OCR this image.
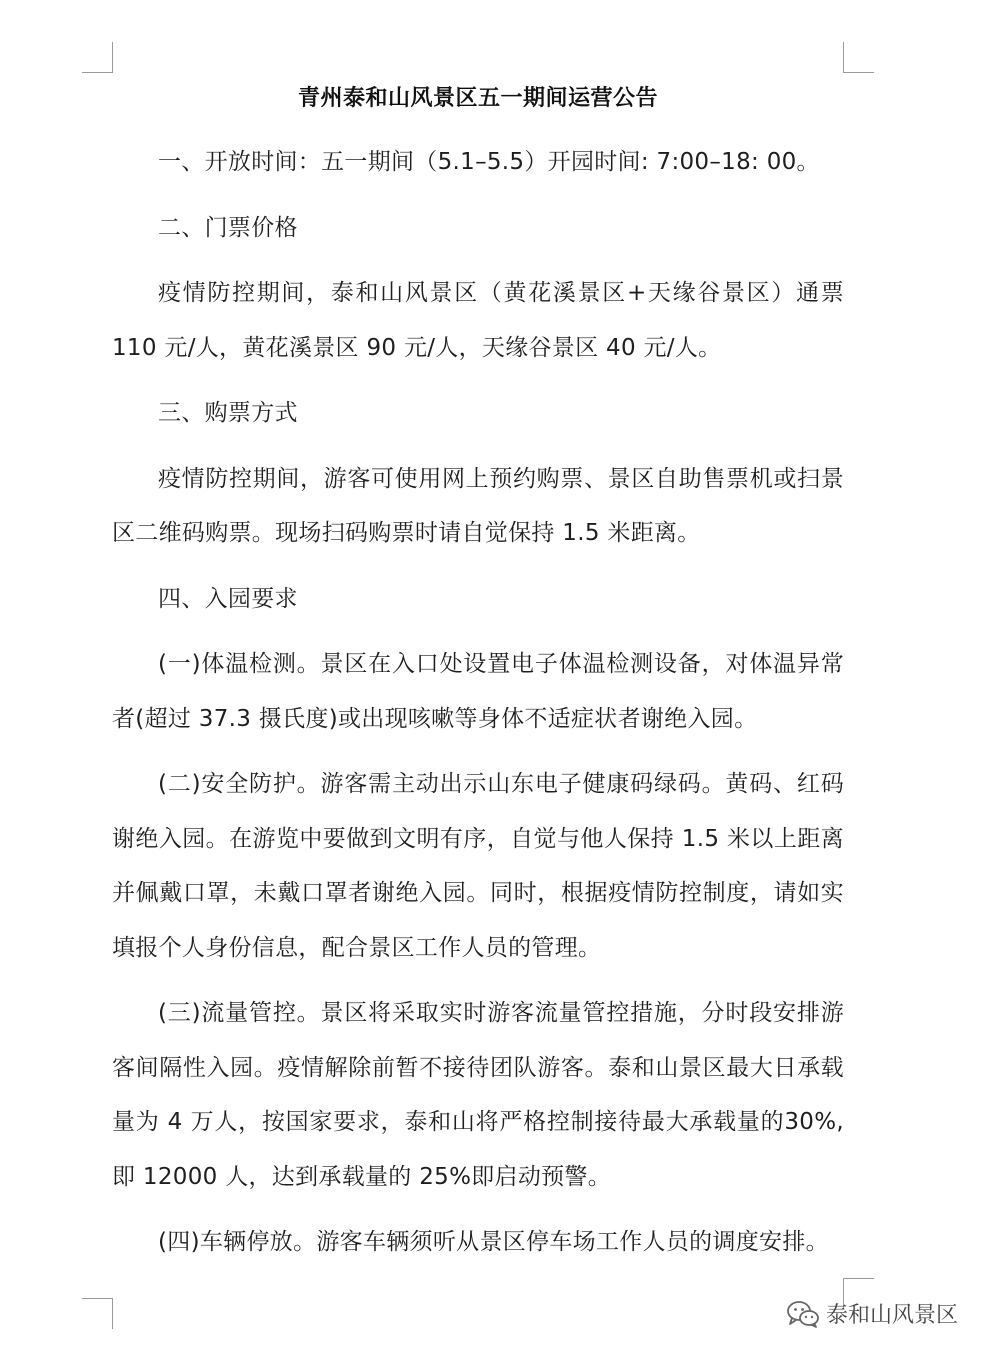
青州泰和山风景区五一期间运营公告

一、开放时间：五一期间（5.1–5.5）开园时间: 7:00–18: 00。

二、门票价格

疫情防控期间，泰和山风景区（黄花溪景区+天缘谷景区）通票110 元/人，黄花溪景区 90 元/人，天缘谷景区 40 元/人。

三、购票方式

疫情防控期间，游客可使用网上预约购票、景区自助售票机或扫景区二维码购票。现场扫码购票时请自觉保持 1.5 米距离。

四、入园要求

(一)体温检测。景区在入口处设置电子体温检测设备，对体温异常者(超过 37.3 摄氏度)或出现咳嗽等身体不适症状者谢绝入园。

(二)安全防护。游客需主动出示山东电子健康码绿码。黄码、红码谢绝入园。在游览中要做到文明有序，自觉与他人保持 1.5 米以上距离并佩戴口罩，未戴口罩者谢绝入园。同时，根据疫情防控制度，请如实填报个人身份信息，配合景区工作人员的管理。

(三)流量管控。景区将采取实时游客流量管控措施，分时段安排游客间隔性入园。疫情解除前暂不接待团队游客。泰和山景区最大日承载量为 4 万人，按国家要求，泰和山将严格控制接待最大承载量的30%,即 12000 人，达到承载量的 25%即启动预警。

(四)车辆停放。游客车辆须听从景区停车场工作人员的调度安排。

泰和山风景区
